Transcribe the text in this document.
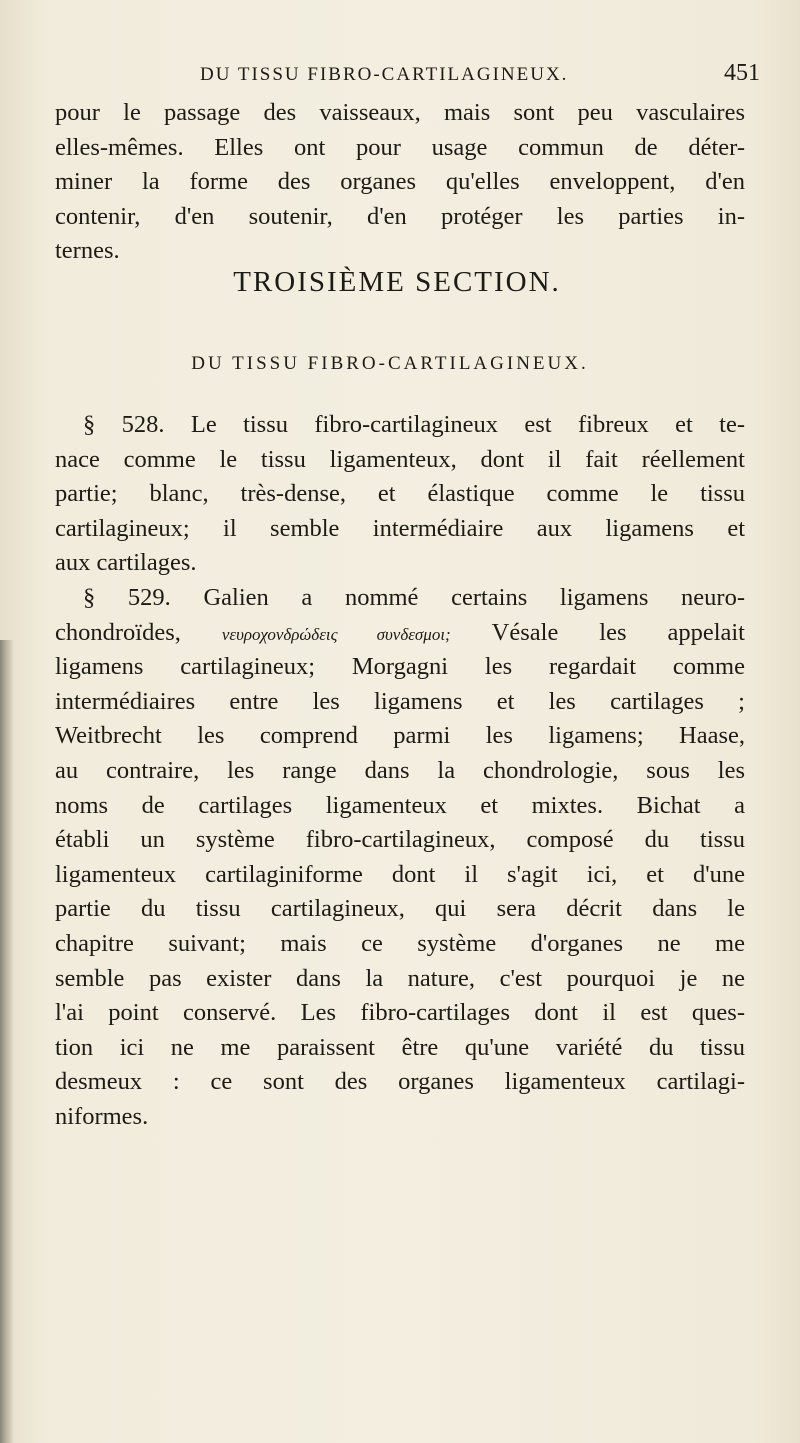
DU TISSU FIBRO-CARTILAGINEUX.	451
pour le passage des vaisseaux, mais sont peu vasculaires
elles-mêmes. Elles ont pour usage commun de déter-
miner la forme des organes qu'elles enveloppent, d'en
contenir, d'en soutenir, d'en protéger les parties in-
ternes.
TROISIÈME SECTION.
DU TISSU FIBRO-CARTILAGINEUX.
§ 528. Le tissu fibro-cartilagineux est fibreux et te-
nace comme le tissu ligamenteux, dont il fait réellement
partie; blanc, très-dense, et élastique comme le tissu
cartilagineux; il semble intermédiaire aux ligamens et
aux cartilages.
§ 529. Galien a nommé certains ligamens neuro-
chondroïdes, νευροχονδρώδεις συνδεσμοι; Vésale les appelait
ligamens cartilagineux; Morgagni les regardait comme
intermédiaires entre les ligamens et les cartilages ;
Weitbrecht les comprend parmi les ligamens; Haase,
au contraire, les range dans la chondrologie, sous les
noms de cartilages ligamenteux et mixtes. Bichat a
établi un système fibro-cartilagineux, composé du tissu
ligamenteux cartilaginiforme dont il s'agit ici, et d'une
partie du tissu cartilagineux, qui sera décrit dans le
chapitre suivant; mais ce système d'organes ne me
semble pas exister dans la nature, c'est pourquoi je ne
l'ai point conservé. Les fibro-cartilages dont il est ques-
tion ici ne me paraissent être qu'une variété du tissu
desmeux : ce sont des organes ligamenteux cartilagi-
niformes.
